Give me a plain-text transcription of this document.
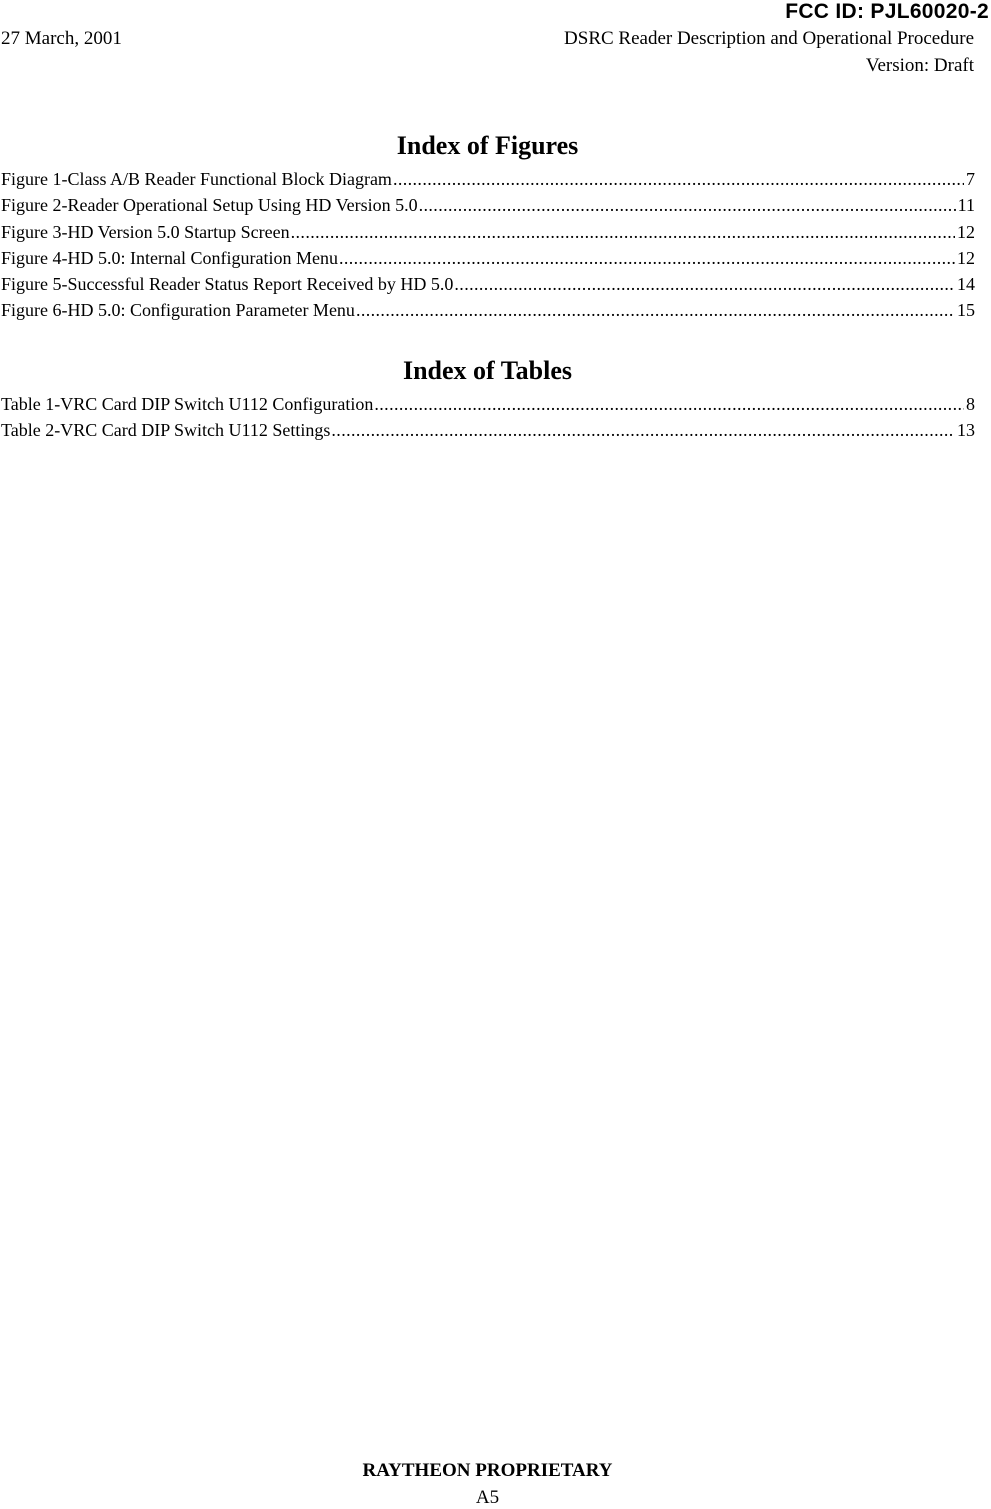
FCC ID: PJL60020-2
27 March, 2001	DSRC Reader Description and Operational Procedure
Version: Draft
Index of Figures
Figure 1-Class A/B Reader Functional Block Diagram .....	7
Figure 2-Reader Operational Setup Using HD Version 5.0 .....	11
Figure 3-HD Version 5.0 Startup Screen .....	12
Figure 4-HD 5.0: Internal Configuration Menu .....	12
Figure 5-Successful Reader Status Report Received by HD 5.0 .....	14
Figure 6-HD 5.0: Configuration Parameter Menu .....	15
Index of Tables
Table 1-VRC Card DIP Switch U112 Configuration .....	8
Table 2-VRC Card DIP Switch U112 Settings .....	13
RAYTHEON PROPRIETARY
A5
